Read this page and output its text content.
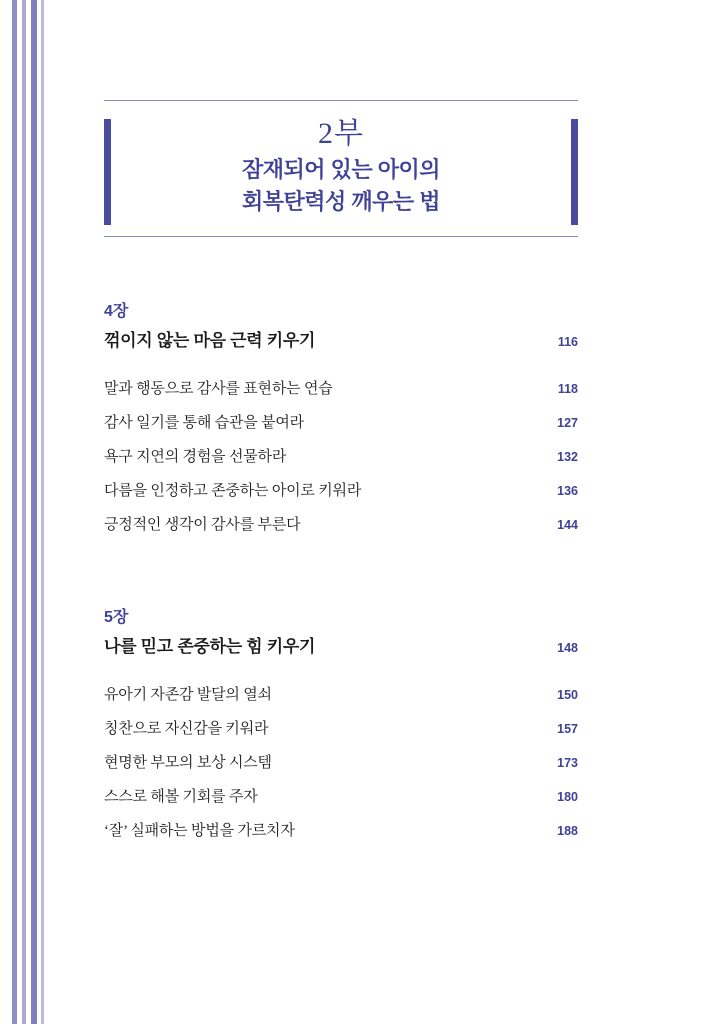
2부
잠재되어 있는 아이의
회복탄력성 깨우는 법
4장
꺾이지 않는 마음 근력 키우기	116
말과 행동으로 감사를 표현하는 연습	118
감사 일기를 통해 습관을 붙여라	127
욕구 지연의 경험을 선물하라	132
다름을 인정하고 존중하는 아이로 키워라	136
긍정적인 생각이 감사를 부른다	144
5장
나를 믿고 존중하는 힘 키우기	148
유아기 자존감 발달의 열쇠	150
칭찬으로 자신감을 키워라	157
현명한 부모의 보상 시스템	173
스스로 해볼 기회를 주자	180
‘잘’ 실패하는 방법을 가르치자	188
